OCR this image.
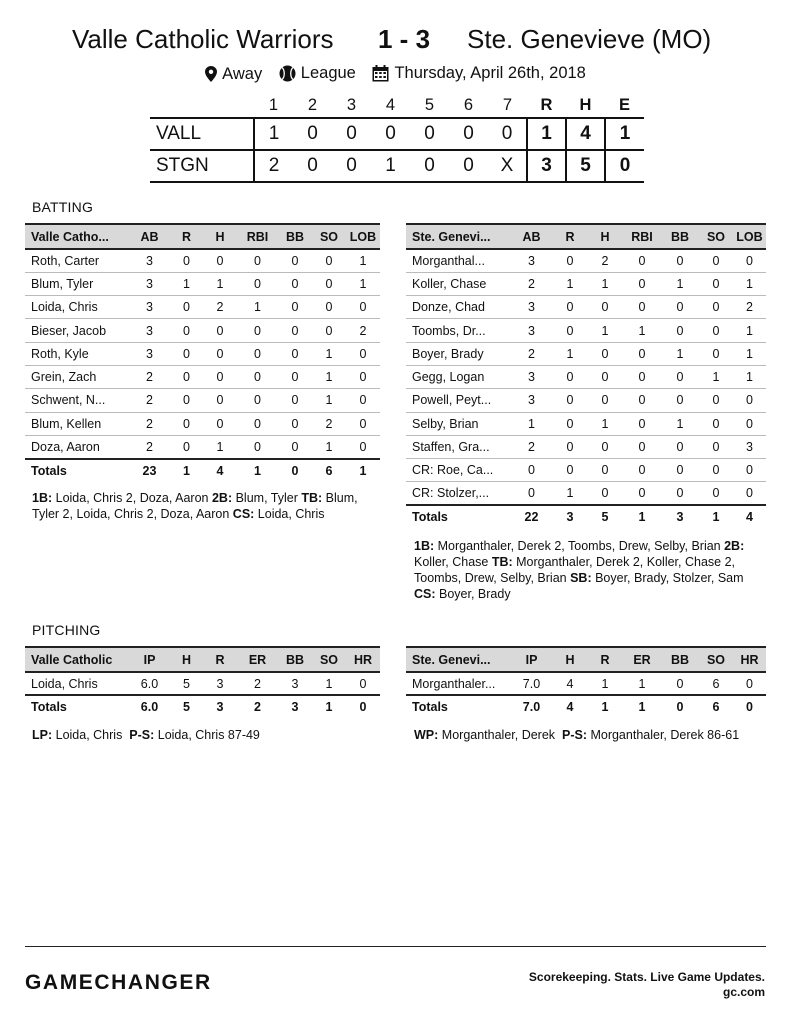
Valle Catholic Warriors 1 - 3 Ste. Genevieve (MO)
Away
League
Thursday, April 26th, 2018
	1	2	3	4	5	6	7	R	H	E
VALL	1	0	0	0	0	0	0	1	4	1
STGN	2	0	0	1	0	0	X	3	5	0
BATTING
Valle Catho...	AB	R	H	RBI	BB	SO	LOB
Roth, Carter	3	0	0	0	0	0	1
Blum, Tyler	3	1	1	0	0	0	1
Loida, Chris	3	0	2	1	0	0	0
Bieser, Jacob	3	0	0	0	0	0	2
Roth, Kyle	3	0	0	0	0	1	0
Grein, Zach	2	0	0	0	0	1	0
Schwent, N...	2	0	0	0	0	1	0
Blum, Kellen	2	0	0	0	0	2	0
Doza, Aaron	2	0	1	0	0	1	0
Totals	23	1	4	1	0	6	1
1B: Loida, Chris 2, Doza, Aaron 2B: Blum, Tyler TB: Blum, Tyler 2, Loida, Chris 2, Doza, Aaron CS: Loida, Chris
Ste. Genevi...	AB	R	H	RBI	BB	SO	LOB
Morganthal...	3	0	2	0	0	0	0
Koller, Chase	2	1	1	0	1	0	1
Donze, Chad	3	0	0	0	0	0	2
Toombs, Dr...	3	0	1	1	0	0	1
Boyer, Brady	2	1	0	0	1	0	1
Gegg, Logan	3	0	0	0	0	1	1
Powell, Peyt...	3	0	0	0	0	0	0
Selby, Brian	1	0	1	0	1	0	0
Staffen, Gra...	2	0	0	0	0	0	3
CR: Roe, Ca...	0	0	0	0	0	0	0
CR: Stolzer,...	0	1	0	0	0	0	0
Totals	22	3	5	1	3	1	4
1B: Morganthaler, Derek 2, Toombs, Drew, Selby, Brian 2B: Koller, Chase TB: Morganthaler, Derek 2, Koller, Chase 2, Toombs, Drew, Selby, Brian SB: Boyer, Brady, Stolzer, Sam CS: Boyer, Brady
PITCHING
Valle Catholic	IP	H	R	ER	BB	SO	HR
Loida, Chris	6.0	5	3	2	3	1	0
Totals	6.0	5	3	2	3	1	0
LP: Loida, Chris  P-S: Loida, Chris 87-49
Ste. Genevi...	IP	H	R	ER	BB	SO	HR
Morganthaler...	7.0	4	1	1	0	6	0
Totals	7.0	4	1	1	0	6	0
WP: Morganthaler, Derek  P-S: Morganthaler, Derek 86-61
GAMECHANGER	Scorekeeping. Stats. Live Game Updates.
gc.com
